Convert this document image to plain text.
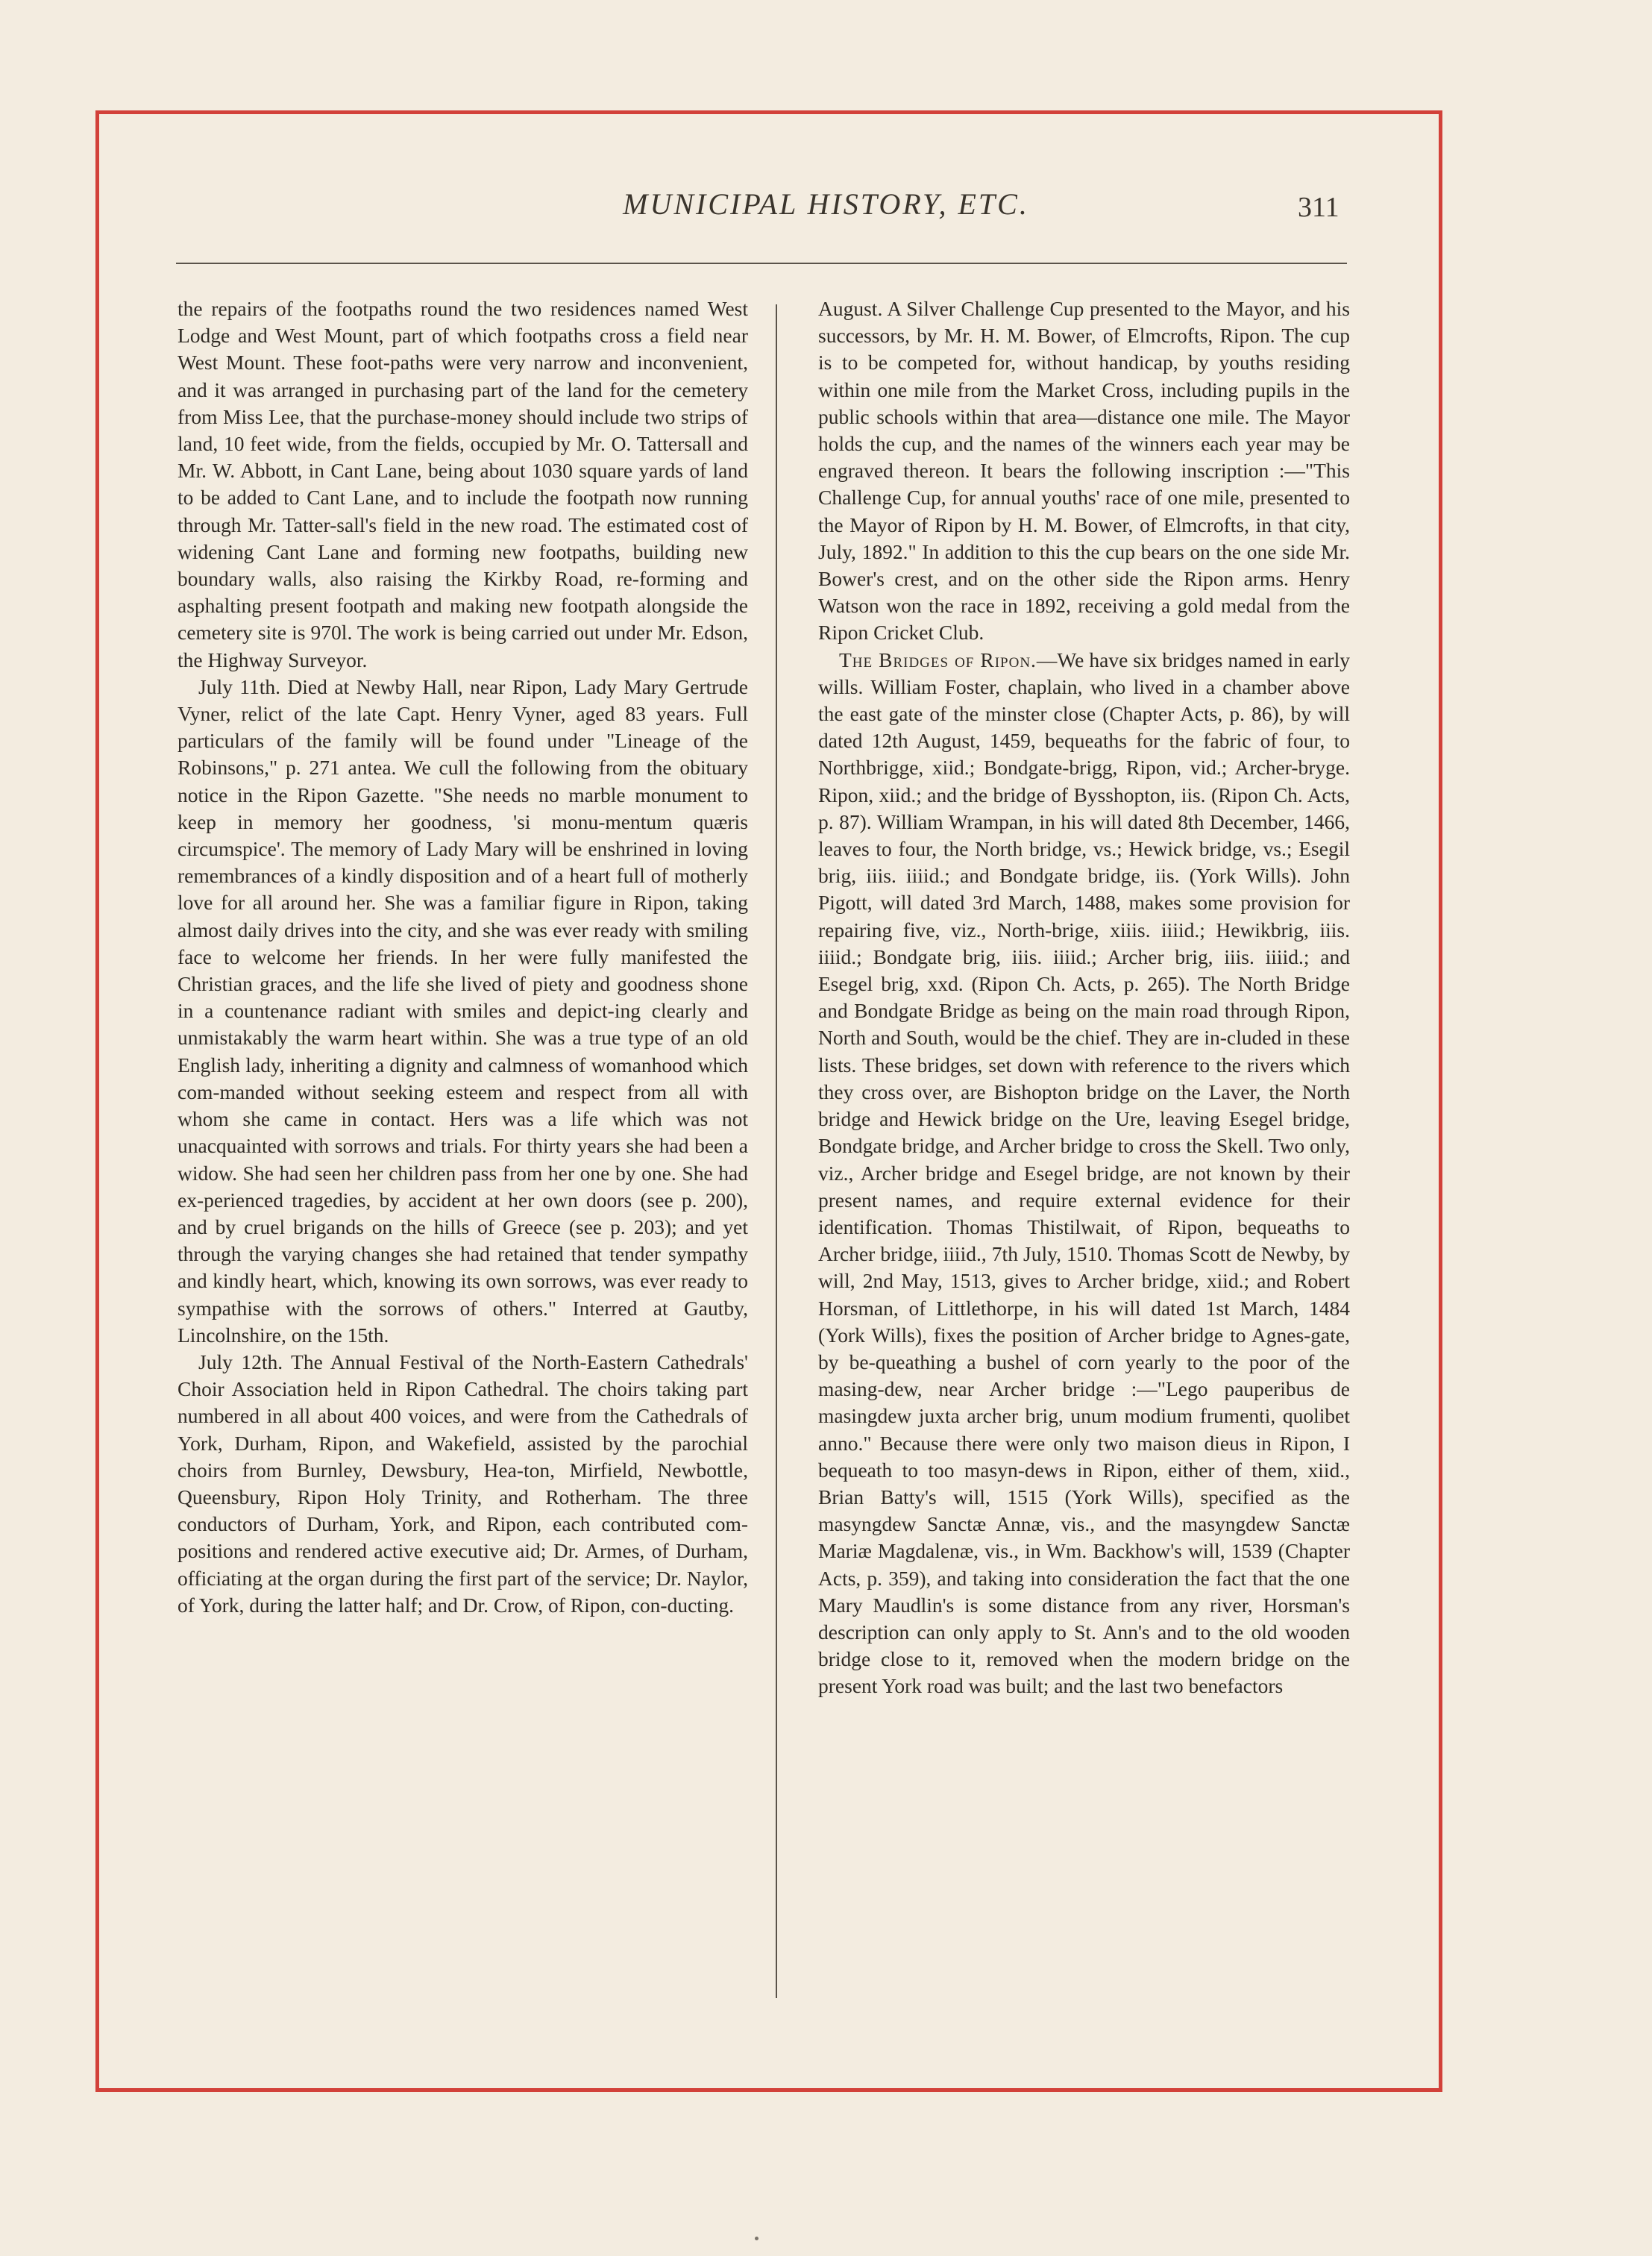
MUNICIPAL HISTORY, ETC.	311

the repairs of the footpaths round the two residences named West Lodge and West Mount, part of which footpaths cross a field near West Mount. These foot-paths were very narrow and inconvenient, and it was arranged in purchasing part of the land for the cemetery from Miss Lee, that the purchase-money should include two strips of land, 10 feet wide, from the fields, occupied by Mr. O. Tattersall and Mr. W. Abbott, in Cant Lane, being about 1030 square yards of land to be added to Cant Lane, and to include the footpath now running through Mr. Tatter-sall's field in the new road. The estimated cost of widening Cant Lane and forming new footpaths, building new boundary walls, also raising the Kirkby Road, re-forming and asphalting present footpath and making new footpath alongside the cemetery site is 970l. The work is being carried out under Mr. Edson, the Highway Surveyor.

July 11th. Died at Newby Hall, near Ripon, Lady Mary Gertrude Vyner, relict of the late Capt. Henry Vyner, aged 83 years. Full particulars of the family will be found under "Lineage of the Robinsons," p. 271 antea. We cull the following from the obituary notice in the Ripon Gazette. "She needs no marble monument to keep in memory her goodness, 'si monu-mentum quæris circumspice'. The memory of Lady Mary will be enshrined in loving remembrances of a kindly disposition and of a heart full of motherly love for all around her. She was a familiar figure in Ripon, taking almost daily drives into the city, and she was ever ready with smiling face to welcome her friends. In her were fully manifested the Christian graces, and the life she lived of piety and goodness shone in a countenance radiant with smiles and depict-ing clearly and unmistakably the warm heart within. She was a true type of an old English lady, inheriting a dignity and calmness of womanhood which com-manded without seeking esteem and respect from all with whom she came in contact. Hers was a life which was not unacquainted with sorrows and trials. For thirty years she had been a widow. She had seen her children pass from her one by one. She had ex-perienced tragedies, by accident at her own doors (see p. 200), and by cruel brigands on the hills of Greece (see p. 203); and yet through the varying changes she had retained that tender sympathy and kindly heart, which, knowing its own sorrows, was ever ready to sympathise with the sorrows of others." Interred at Gautby, Lincolnshire, on the 15th.

July 12th. The Annual Festival of the North-Eastern Cathedrals' Choir Association held in Ripon Cathedral. The choirs taking part numbered in all about 400 voices, and were from the Cathedrals of York, Durham, Ripon, and Wakefield, assisted by the parochial choirs from Burnley, Dewsbury, Hea-ton, Mirfield, Newbottle, Queensbury, Ripon Holy Trinity, and Rotherham. The three conductors of Durham, York, and Ripon, each contributed com-positions and rendered active executive aid; Dr. Armes, of Durham, officiating at the organ during the first part of the service; Dr. Naylor, of York, during the latter half; and Dr. Crow, of Ripon, con-ducting.

August. A Silver Challenge Cup presented to the Mayor, and his successors, by Mr. H. M. Bower, of Elmcrofts, Ripon. The cup is to be competed for, without handicap, by youths residing within one mile from the Market Cross, including pupils in the public schools within that area—distance one mile. The Mayor holds the cup, and the names of the winners each year may be engraved thereon. It bears the following inscription :—"This Challenge Cup, for annual youths' race of one mile, presented to the Mayor of Ripon by H. M. Bower, of Elmcrofts, in that city, July, 1892." In addition to this the cup bears on the one side Mr. Bower's crest, and on the other side the Ripon arms. Henry Watson won the race in 1892, receiving a gold medal from the Ripon Cricket Club.

The Bridges of Ripon.—We have six bridges named in early wills. William Foster, chaplain, who lived in a chamber above the east gate of the minster close (Chapter Acts, p. 86), by will dated 12th August, 1459, bequeaths for the fabric of four, to Northbrigge, xiid.; Bondgate-brigg, Ripon, vid.; Archer-bryge. Ripon, xiid.; and the bridge of Bysshopton, iis. (Ripon Ch. Acts, p. 87). William Wrampan, in his will dated 8th December, 1466, leaves to four, the North bridge, vs.; Hewick bridge, vs.; Esegil brig, iiis. iiiid.; and Bondgate bridge, iis. (York Wills). John Pigott, will dated 3rd March, 1488, makes some provision for repairing five, viz., North-brige, xiiis. iiiid.; Hewikbrig, iiis. iiiid.; Bondgate brig, iiis. iiiid.; Archer brig, iiis. iiiid.; and Esegel brig, xxd. (Ripon Ch. Acts, p. 265). The North Bridge and Bondgate Bridge as being on the main road through Ripon, North and South, would be the chief. They are in-cluded in these lists. These bridges, set down with reference to the rivers which they cross over, are Bishopton bridge on the Laver, the North bridge and Hewick bridge on the Ure, leaving Esegel bridge, Bondgate bridge, and Archer bridge to cross the Skell. Two only, viz., Archer bridge and Esegel bridge, are not known by their present names, and require external evidence for their identification. Thomas Thistilwait, of Ripon, bequeaths to Archer bridge, iiiid., 7th July, 1510. Thomas Scott de Newby, by will, 2nd May, 1513, gives to Archer bridge, xiid.; and Robert Horsman, of Littlethorpe, in his will dated 1st March, 1484 (York Wills), fixes the position of Archer bridge to Agnes-gate, by be-queathing a bushel of corn yearly to the poor of the masing-dew, near Archer bridge :—"Lego pauperibus de masingdew juxta archer brig, unum modium frumenti, quolibet anno." Because there were only two maison dieus in Ripon, I bequeath to too masyn-dews in Ripon, either of them, xiid., Brian Batty's will, 1515 (York Wills), specified as the masyngdew Sanctæ Annæ, vis., and the masyngdew Sanctæ Mariæ Magdalenæ, vis., in Wm. Backhow's will, 1539 (Chapter Acts, p. 359), and taking into consideration the fact that the one Mary Maudlin's is some distance from any river, Horsman's description can only apply to St. Ann's and to the old wooden bridge close to it, removed when the modern bridge on the present York road was built; and the last two benefactors
